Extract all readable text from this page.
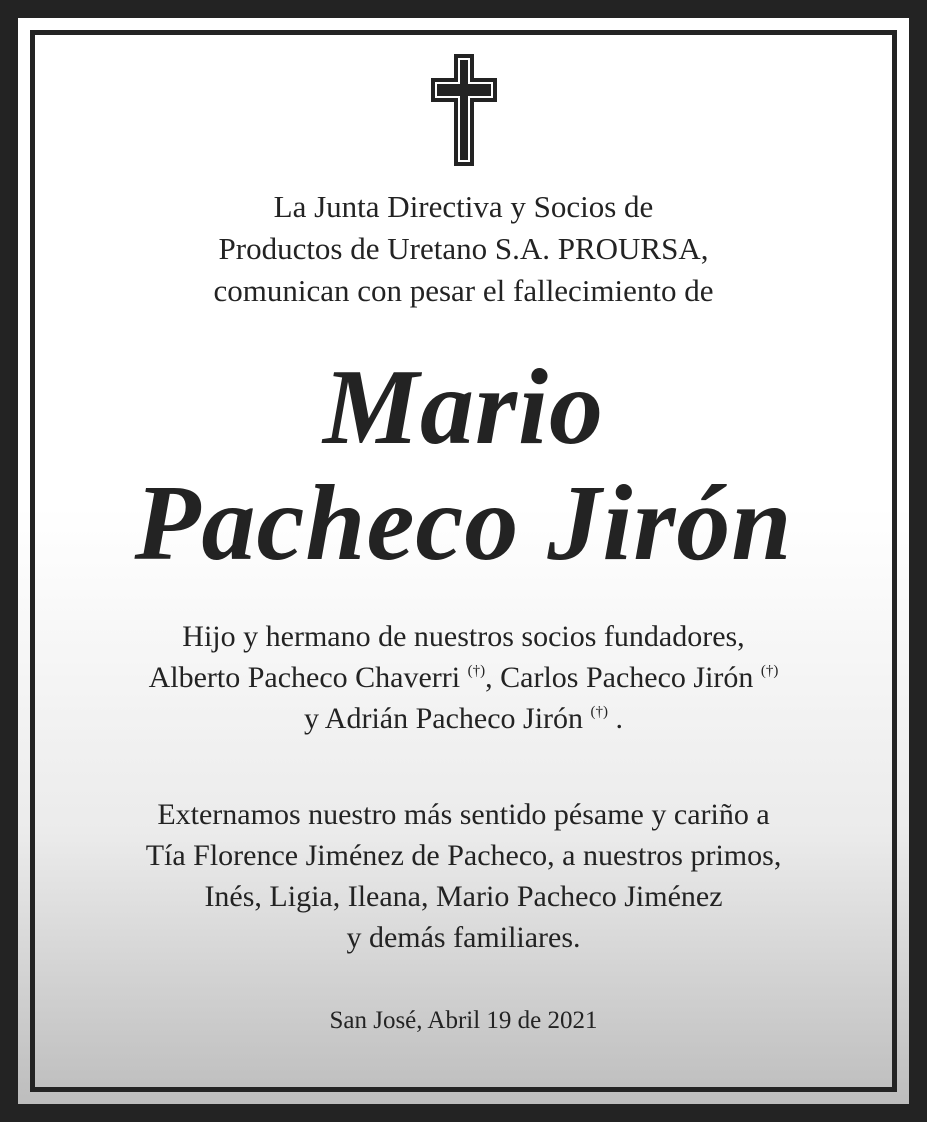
La Junta Directiva y Socios de
Productos de Uretano S.A. PROURSA,
comunican con pesar el fallecimiento de
Mario
Pacheco Jirón
Hijo y hermano de nuestros socios fundadores,
Alberto Pacheco Chaverri (†), Carlos Pacheco Jirón (†)
y Adrián Pacheco Jirón (†) .
Externamos nuestro más sentido pésame y cariño a
Tía Florence Jiménez de Pacheco, a nuestros primos,
Inés, Ligia, Ileana, Mario Pacheco Jiménez
y demás familiares.
San José, Abril 19 de 2021
